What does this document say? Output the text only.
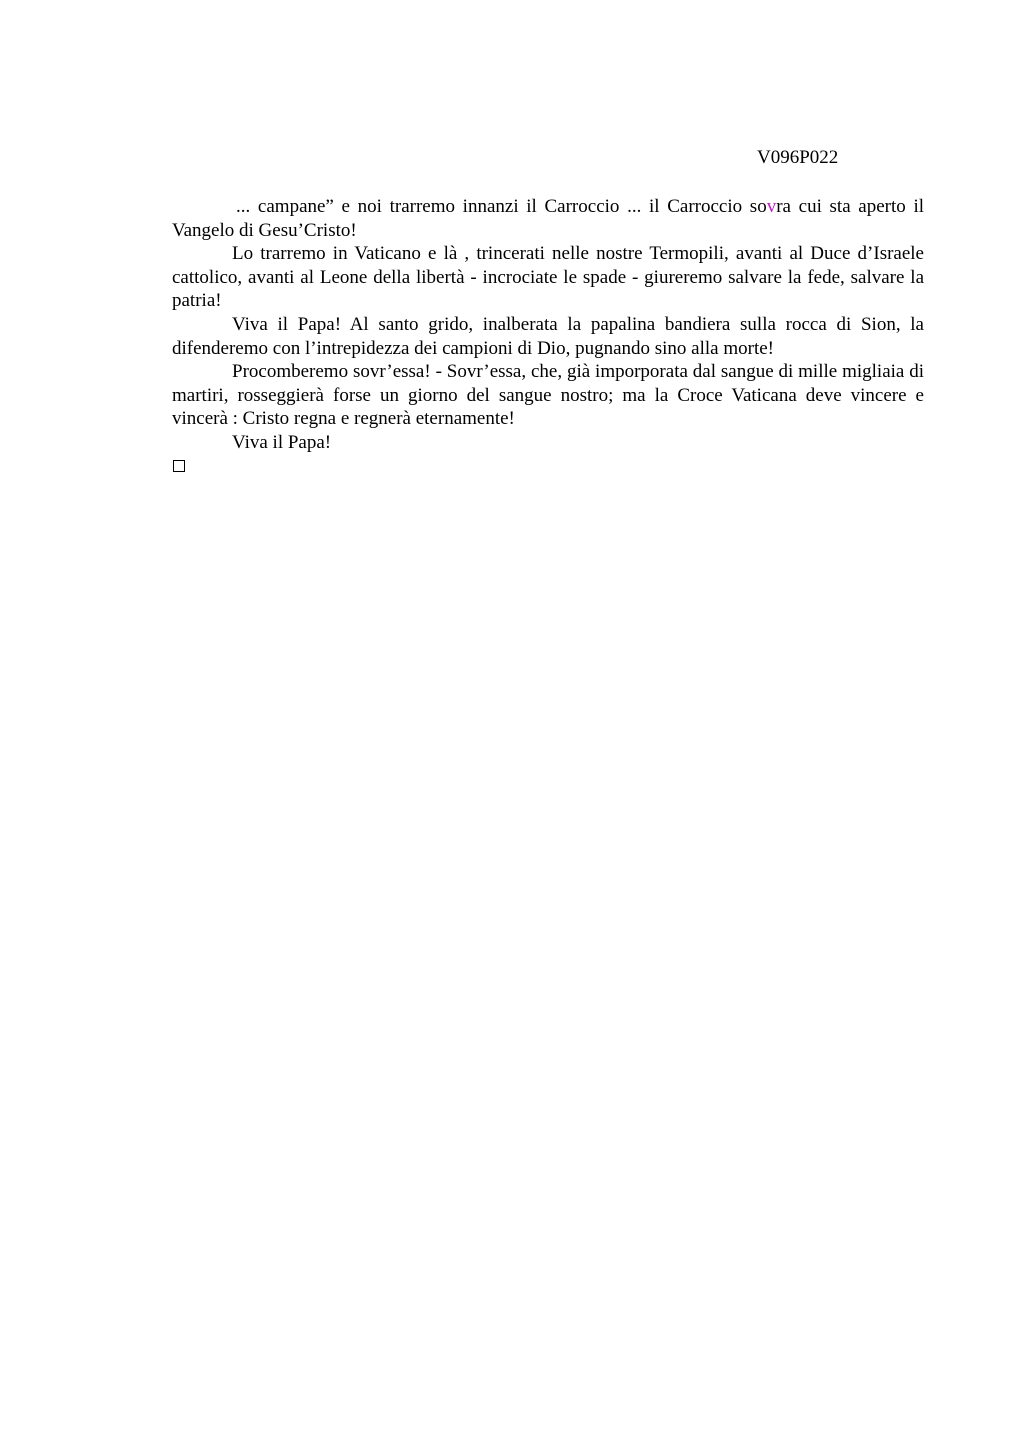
V096P022

... campane” e noi trarremo innanzi il Carroccio ... il Carroccio sovra cui sta aperto il Vangelo di Gesu’Cristo!

Lo trarremo in Vaticano e là , trincerati nelle nostre Termopili, avanti al Duce d’Israele cattolico, avanti al Leone della libertà - incrociate le spade - giureremo salvare la fede, salvare la patria!

Viva il Papa! Al santo grido, inalberata la papalina bandiera sulla rocca di Sion, la difenderemo con l’intrepidezza dei campioni di Dio, pugnando sino alla morte!

Procomberemo sovr’essa! - Sovr’essa, che, già imporporata dal sangue di mille migliaia di martiri, rosseggierà forse un giorno del sangue nostro; ma la Croce Vaticana deve vincere e vincerà : Cristo regna e regnerà eternamente!

Viva il Papa!
